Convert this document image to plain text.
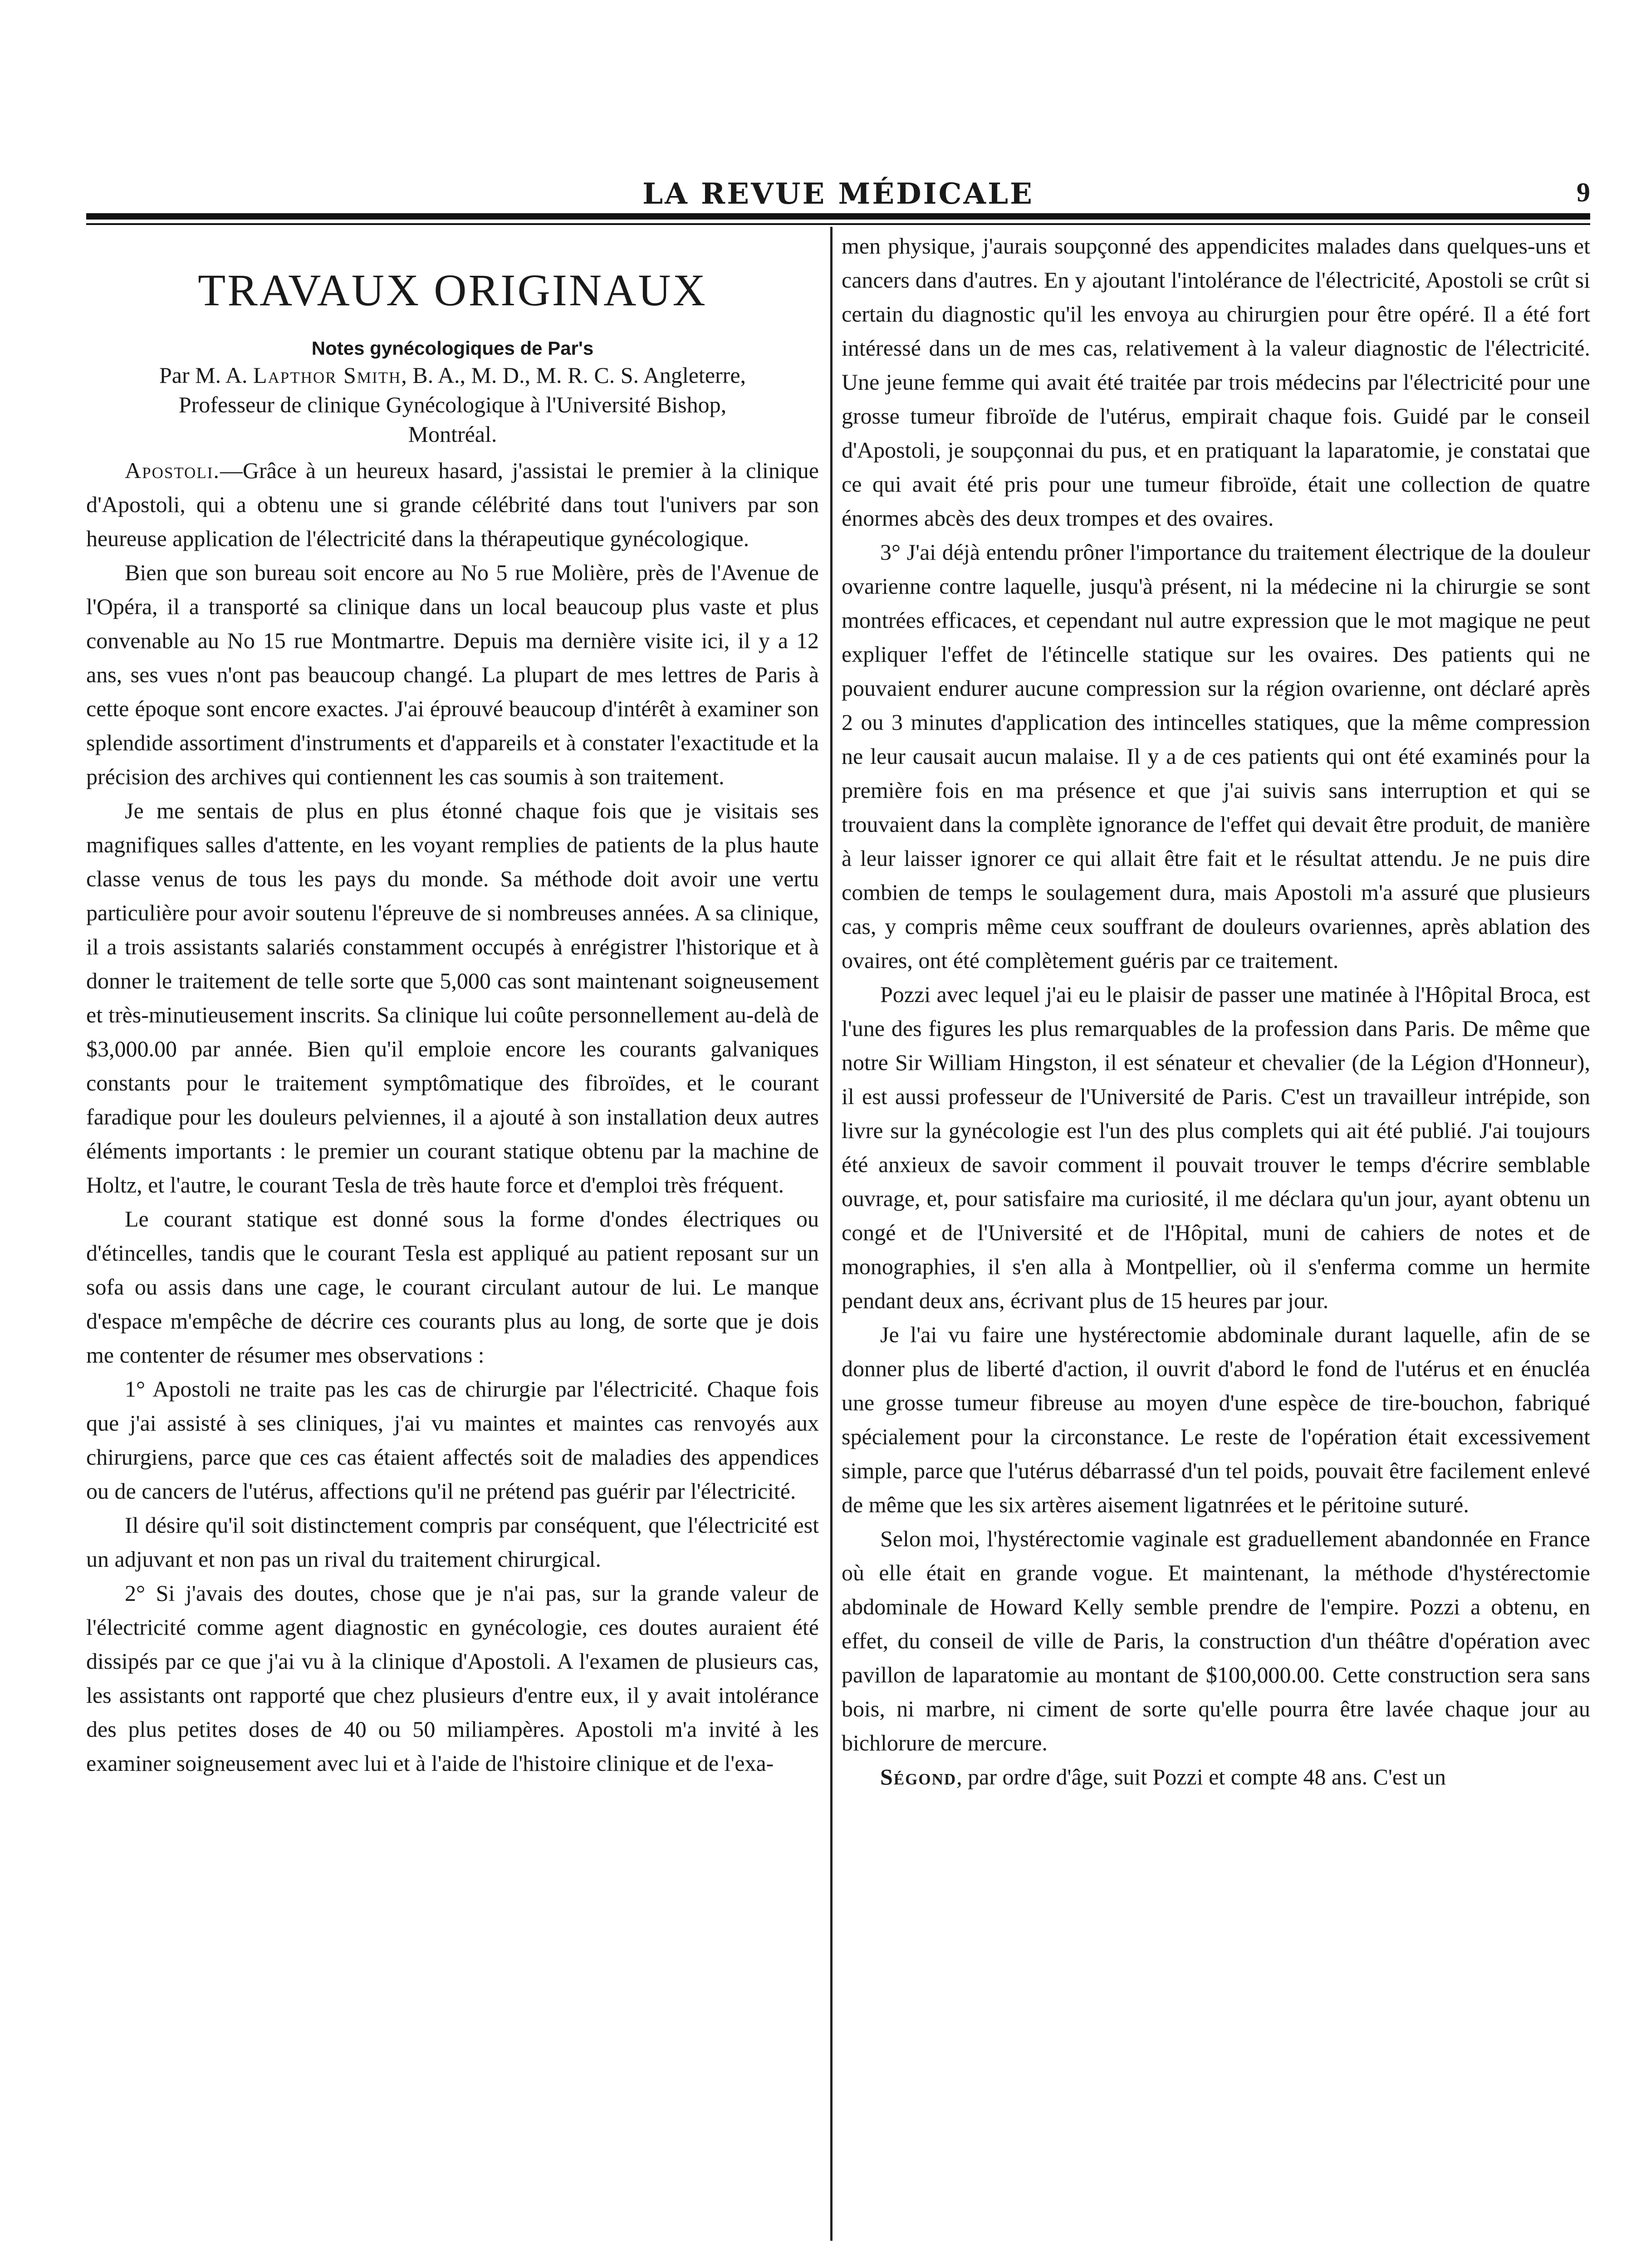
LA REVUE MÉDICALE	9
TRAVAUX ORIGINAUX
Notes gynécologiques de Par's
Par M. A. Lapthor Smith, B. A., M. D., M. R. C. S. Angleterre,
Professeur de clinique Gynécologique à l'Université Bishop,
Montréal.

Apostoli.—Grâce à un heureux hasard, j'assistai le premier à la clinique d'Apostoli, qui a obtenu une si grande célébrité dans tout l'univers par son heureuse application de l'électricité dans la thérapeutique gynécologique.

Bien que son bureau soit encore au No 5 rue Molière, près de l'Avenue de l'Opéra, il a transporté sa clinique dans un local beaucoup plus vaste et plus convenable au No 15 rue Montmartre. Depuis ma dernière visite ici, il y a 12 ans, ses vues n'ont pas beaucoup changé. La plupart de mes lettres de Paris à cette époque sont encore exactes. J'ai éprouvé beaucoup d'intérêt à examiner son splendide assortiment d'instruments et d'appareils et à constater l'exactitude et la précision des archives qui contiennent les cas soumis à son traitement.

Je me sentais de plus en plus étonné chaque fois que je visitais ses magnifiques salles d'attente, en les voyant remplies de patients de la plus haute classe venus de tous les pays du monde. Sa méthode doit avoir une vertu particulière pour avoir soutenu l'épreuve de si nombreuses années. A sa clinique, il a trois assistants salariés constamment occupés à enrégistrer l'historique et à donner le traitement de telle sorte que 5,000 cas sont maintenant soigneusement et très-minutieusement inscrits. Sa clinique lui coûte personnellement au-delà de $3,000.00 par année. Bien qu'il emploie encore les courants galvaniques constants pour le traitement symptômatique des fibroïdes, et le courant faradique pour les douleurs pelviennes, il a ajouté à son installation deux autres éléments importants : le premier un courant statique obtenu par la machine de Holtz, et l'autre, le courant Tesla de très haute force et d'emploi très fréquent.

Le courant statique est donné sous la forme d'ondes électriques ou d'étincelles, tandis que le courant Tesla est appliqué au patient reposant sur un sofa ou assis dans une cage, le courant circulant autour de lui. Le manque d'espace m'empêche de décrire ces courants plus au long, de sorte que je dois me contenter de résumer mes observations :

1° Apostoli ne traite pas les cas de chirurgie par l'électricité. Chaque fois que j'ai assisté à ses cliniques, j'ai vu maintes et maintes cas renvoyés aux chirurgiens, parce que ces cas étaient affectés soit de maladies des appendices ou de cancers de l'utérus, affections qu'il ne prétend pas guérir par l'électricité.

Il désire qu'il soit distinctement compris par conséquent, que l'électricité est un adjuvant et non pas un rival du traitement chirurgical.

2° Si j'avais des doutes, chose que je n'ai pas, sur la grande valeur de l'électricité comme agent diagnostic en gynécologie, ces doutes auraient été dissipés par ce que j'ai vu à la clinique d'Apostoli. A l'examen de plusieurs cas, les assistants ont rapporté que chez plusieurs d'entre eux, il y avait intolérance des plus petites doses de 40 ou 50 miliampères. Apostoli m'a invité à les examiner soigneusement avec lui et à l'aide de l'histoire clinique et de l'exa-

men physique, j'aurais soupçonné des appendicites malades dans quelques-uns et cancers dans d'autres. En y ajoutant l'intolérance de l'électricité, Apostoli se crût si certain du diagnostic qu'il les envoya au chirurgien pour être opéré. Il a été fort intéressé dans un de mes cas, relativement à la valeur diagnostic de l'électricité. Une jeune femme qui avait été traitée par trois médecins par l'électricité pour une grosse tumeur fibroïde de l'utérus, empirait chaque fois. Guidé par le conseil d'Apostoli, je soupçonnai du pus, et en pratiquant la laparatomie, je constatai que ce qui avait été pris pour une tumeur fibroïde, était une collection de quatre énormes abcès des deux trompes et des ovaires.

3° J'ai déjà entendu prôner l'importance du traitement électrique de la douleur ovarienne contre laquelle, jusqu'à présent, ni la médecine ni la chirurgie se sont montrées efficaces, et cependant nul autre expression que le mot magique ne peut expliquer l'effet de l'étincelle statique sur les ovaires. Des patients qui ne pouvaient endurer aucune compression sur la région ovarienne, ont déclaré après 2 ou 3 minutes d'application des intincelles statiques, que la même compression ne leur causait aucun malaise. Il y a de ces patients qui ont été examinés pour la première fois en ma présence et que j'ai suivis sans interruption et qui se trouvaient dans la complète ignorance de l'effet qui devait être produit, de manière à leur laisser ignorer ce qui allait être fait et le résultat attendu. Je ne puis dire combien de temps le soulagement dura, mais Apostoli m'a assuré que plusieurs cas, y compris même ceux souffrant de douleurs ovariennes, après ablation des ovaires, ont été complètement guéris par ce traitement.

Pozzi avec lequel j'ai eu le plaisir de passer une matinée à l'Hôpital Broca, est l'une des figures les plus remarquables de la profession dans Paris. De même que notre Sir William Hingston, il est sénateur et chevalier (de la Légion d'Honneur), il est aussi professeur de l'Université de Paris. C'est un travailleur intrépide, son livre sur la gynécologie est l'un des plus complets qui ait été publié. J'ai toujours été anxieux de savoir comment il pouvait trouver le temps d'écrire semblable ouvrage, et, pour satisfaire ma curiosité, il me déclara qu'un jour, ayant obtenu un congé et de l'Université et de l'Hôpital, muni de cahiers de notes et de monographies, il s'en alla à Montpellier, où il s'enferma comme un hermite pendant deux ans, écrivant plus de 15 heures par jour.

Je l'ai vu faire une hystérectomie abdominale durant laquelle, afin de se donner plus de liberté d'action, il ouvrit d'abord le fond de l'utérus et en énucléa une grosse tumeur fibreuse au moyen d'une espèce de tire-bouchon, fabriqué spécialement pour la circonstance. Le reste de l'opération était excessivement simple, parce que l'utérus débarrassé d'un tel poids, pouvait être facilement enlevé de même que les six artères aisement ligatnrées et le péritoine suturé.

Selon moi, l'hystérectomie vaginale est graduellement abandonnée en France où elle était en grande vogue. Et maintenant, la méthode d'hystérectomie abdominale de Howard Kelly semble prendre de l'empire. Pozzi a obtenu, en effet, du conseil de ville de Paris, la construction d'un théâtre d'opération avec pavillon de laparatomie au montant de $100,000.00. Cette construction sera sans bois, ni marbre, ni ciment de sorte qu'elle pourra être lavée chaque jour au bichlorure de mercure.

Ségond, par ordre d'âge, suit Pozzi et compte 48 ans. C'est un
